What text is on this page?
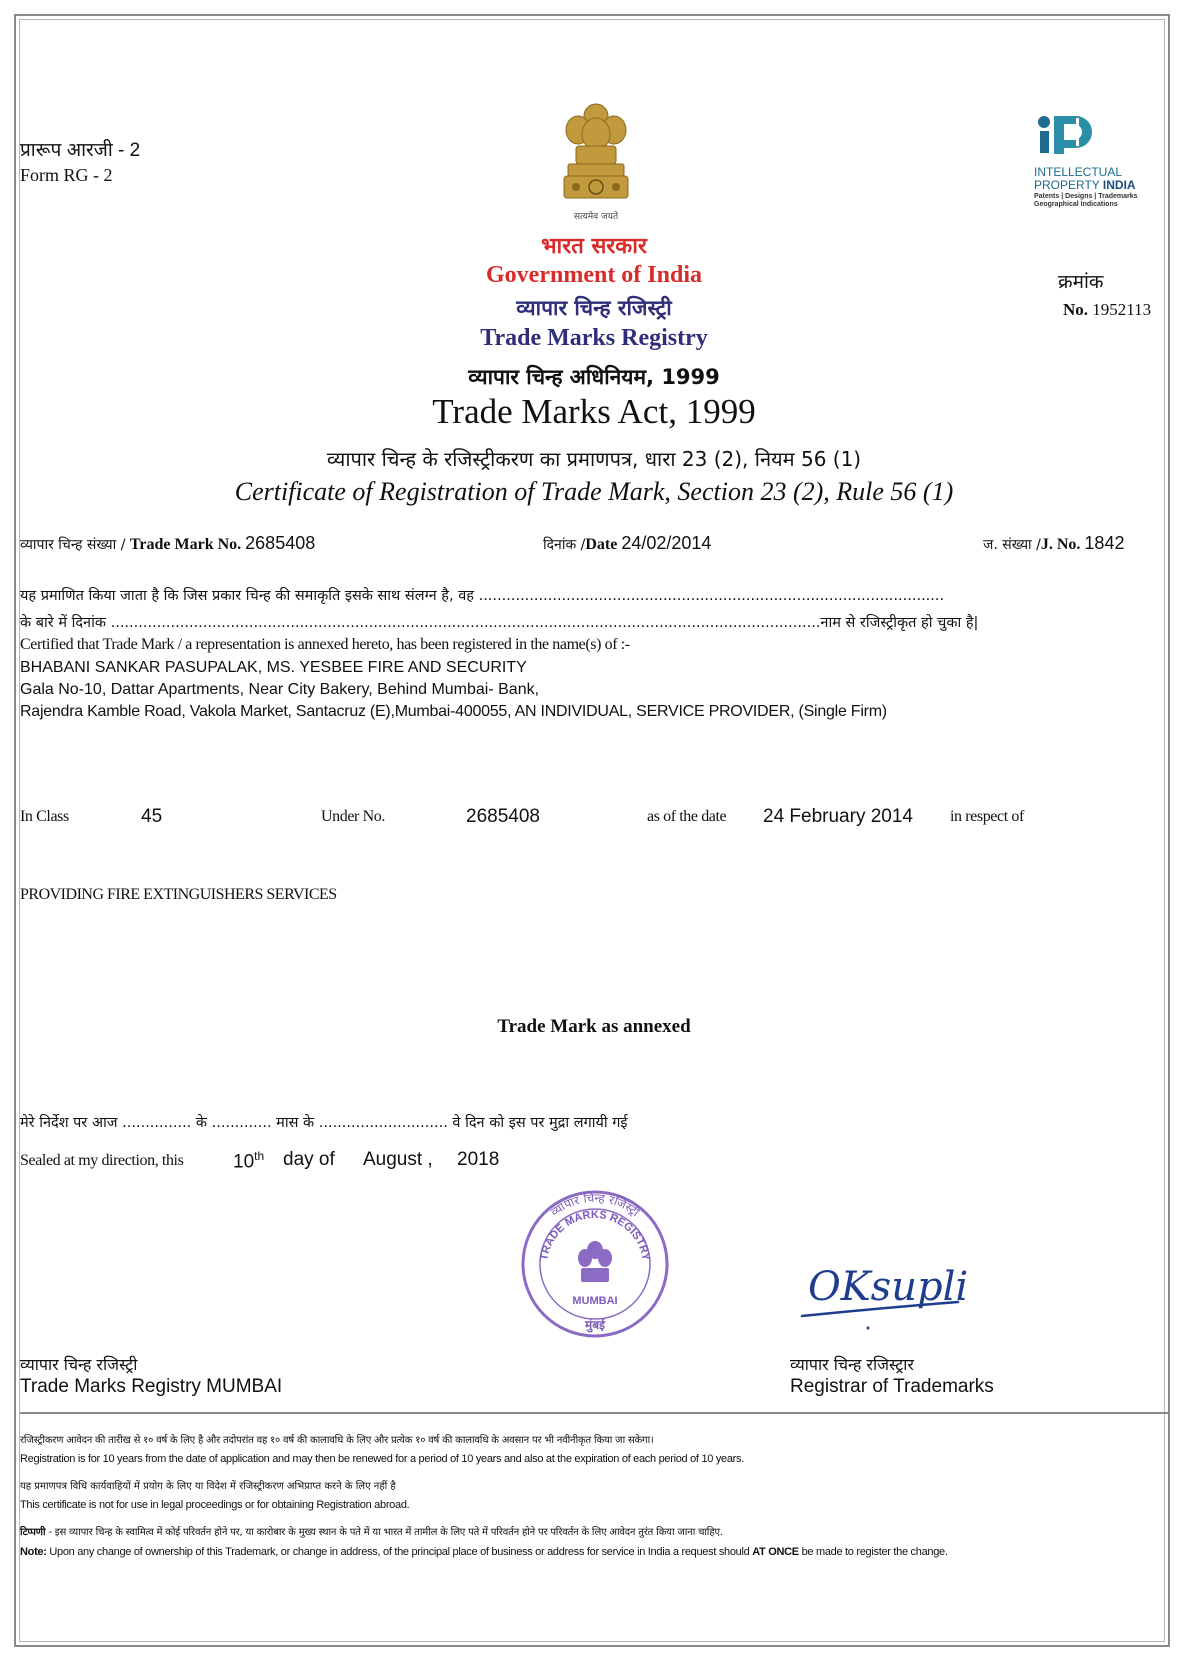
प्रारूप आरजी - 2
Form RG - 2
सत्यमेव जयते
INTELLECTUAL
PROPERTY INDIA
Patents | Designs | Trademarks
Geographical Indications
भारत सरकार
Government of India
व्यापार चिन्ह रजिस्ट्री
Trade Marks Registry
व्यापार चिन्ह अधिनियम, 1999
Trade Marks Act, 1999
व्यापार चिन्ह के रजिस्ट्रीकरण का प्रमाणपत्र, धारा 23 (2), नियम 56 (1)
Certificate of Registration of Trade Mark, Section 23 (2), Rule 56 (1)
क्रमांक
No. 1952113
व्यापार चिन्ह संख्या / Trade Mark No. 2685408	दिनांक /Date 24/02/2014	ज. संख्या /J. No. 1842
यह प्रमाणित किया जाता है कि जिस प्रकार चिन्ह की समाकृति इसके साथ संलग्न है, वह .....................................................................................................
के बारे में दिनांक ..........................................................................................................................................................नाम से रजिस्ट्रीकृत हो चुका है|
Certified that Trade Mark / a representation is annexed hereto, has been registered in the name(s) of :-
BHABANI SANKAR PASUPALAK, MS. YESBEE FIRE AND SECURITY
Gala No-10, Dattar Apartments, Near City Bakery, Behind Mumbai- Bank,
Rajendra Kamble Road, Vakola Market, Santacruz (E),Mumbai-400055, AN INDIVIDUAL, SERVICE PROVIDER, (Single Firm)
In Class	45	Under No.	2685408	as of the date 24 February 2014 in respect of
PROVIDING FIRE EXTINGUISHERS SERVICES
Trade Mark as annexed
मेरे निर्देश पर आज ............... के ............. मास के ............................ वे दिन को इस पर मुद्रा लगायी गई
Sealed at my direction, this	10th day of August , 2018
व्यापार चिन्ह रजिस्ट्री
TRADE MARKS REGISTRY
MUMBAI
मुंबई
OKsupli
व्यापार चिन्ह रजिस्ट्री
Trade Marks Registry MUMBAI
व्यापार चिन्ह रजिस्ट्रार
Registrar of Trademarks
रजिस्ट्रीकरण आवेदन की तारीख से १० वर्ष के लिए है और तदोपरांत वह १० वर्ष की कालावधि के लिए और प्रत्येक १० वर्ष की कालावधि के अवसान पर भी नवीनीकृत किया जा सकेगा।
Registration is for 10 years from the date of application and may then be renewed for a period of 10 years and also at the expiration of each period of 10 years.
यह प्रमाणपत्र विधि कार्यवाहियों में प्रयोग के लिए या विदेश में रजिस्ट्रीकरण अभिप्राप्त करने के लिए नहीं है
This certificate is not for use in legal proceedings or for obtaining Registration abroad.
टिप्पणी - इस व्यापार चिन्ह के स्वामित्व में कोई परिवर्तन होने पर, या कारोबार के मुख्य स्थान के पते में या भारत में तामील के लिए पते में परिवर्तन होने पर परिवर्तन के लिए आवेदन तुरंत किया जाना चाहिए.
Note: Upon any change of ownership of this Trademark, or change in address, of the principal place of business or address for service in India a request should AT ONCE be made to register the change.
